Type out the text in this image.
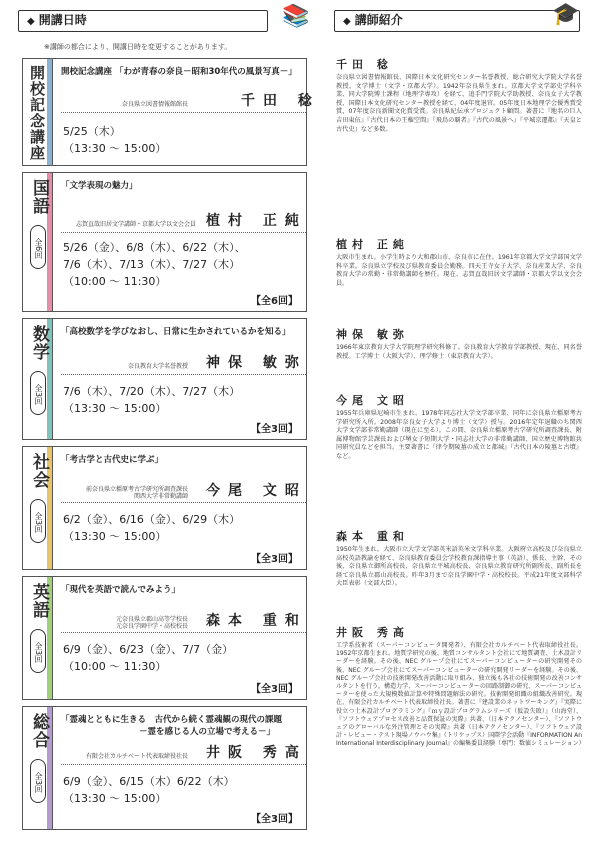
◆ 開講日時	◆ 講師紹介
📚	🎓
※講師の都合により、開講日時を変更することがあります。
開校記念講座 開校記念講座 「わが青春の奈良－昭和30年代の風景写真－」
奈良県立図書情報館館長	千田 稔
5/25（木）
（13:30 ～ 15:00）
国語
全6回
「文学表現の魅力」
志賀直哉旧居文学講師・京都大学以文会会員 植村 正純
5/26（金）、6/8（木）、6/22（木）、
7/6（木）、7/13（木）、7/27（木）
（10:00 ～ 11:30）
【全6回】
数学
全3回
「高校数学を学びなおし、日常に生かされているかを知る」
奈良教育大学名誉教授 神保 敏弥
7/6（木）、7/20（木）、7/27（木）
（13:30 ～ 15:00）
【全3回】
社会
全3回
「考古学と古代史に学ぶ」
前奈良県立橿原考古学研究所調査課長
関西大学非常勤講師 今尾 文昭
6/2（金）、6/16（金）、6/29（木）
（13:30 ～ 15:00）
【全3回】
英語
全3回
「現代を英語で読んでみよう」
元奈良県立郡山高等学校長
元奈良学園中学・高校校長 森本 重和
6/9（金）、6/23（金）、7/7（金）
（10:00 ～ 11:30）
【全3回】
総合
全3回
「霊魂とともに生きる　古代から続く霊魂観の現代の課題
－霊を感じる人の立場で考える－」
有限会社カルチベート代表取締役社長 井阪 秀高
6/9（金）、6/15（木）6/22（木）
（13:30 ～ 15:00）
【全3回】
千田 稔
奈良県立図書情報館長、国際日本文化研究センター名誉教授、総合研究大学院大学名誉教授。文学博士（文学・京都大学）。1942年奈良県生まれ。京都大学文学部史学科卒業、同大学院博士課程（地理学専攻）を経て、追手門学院大学助教授、奈良女子大学教授、国際日本文化研究センター教授を経て、04年度退官。05年度日本地理学会優秀賞受賞、07年度奈良新聞文化賞受賞。奈良県紀伝承プロジェクト顧問。著書に『地名の巨人 吉田東伍』『古代日本の王権空間』『飛鳥の覇者』『古代の風景へ』『平城京遷都』『天皇と古代史』など多数。
植村 正純
大阪市生まれ。小学生時より大和郡山市、奈良市に在住。1961年京都大学文学部国文学科卒業。奈良県立学校及び県教育委員会勤務。四天王寺女子大学、奈良産業大学、奈良教育大学の常勤・非常勤講師を歴任。現在、志賀直哉旧居文学講師・京都大学以文会会員。
神保 敏弥
1966年東京教育大学大学院理学研究科修了。奈良教育大学教育学部教授、現在、同名誉教授。工学博士（大阪大学）、理学修士（東京教育大学）。
今尾 文昭
1955年兵庫県尼崎市生まれ。1978年同志社大学文学部卒業、同年に奈良県立橿原考古学研究所入所。2008年奈良女子大学より博士（文学）授与。2016年定年退職のち関西大学文学部非常勤講師（現在に至る）。この間、奈良県立橿原考古学研究所調査課長、附属博物館学芸課長および堺女子短期大学・同志社大学の非常勤講師、国立歴史博物館共同研究員などを担当。主要著書に『律令期陵墓の成立と都城』『古代日本の陵墓と古墳』など。
森本 重和
1950年生まれ。大阪市立大学文学部英米語英米文学科卒業。大阪府立高校及び奈良県立高校英語教諭を経て、奈良県教育委員会学校教育課指導主事（英語）、係長、主幹、その後、奈良県立御所高校長、奈良県立平城高校長、奈良県立教育研究所副所長、副所長を経て奈良県立郡山高校長。昨年3月まで奈良学園中学・高校校長。平成21年度文部科学大臣表彰（文部大臣）。
井阪 秀高
工学系技術者（スーパーコンピュータ開発者）、有限会社カルチベート代表取締役社長。1952年京都生まれ。地質学研究の後、地質コンサルタント会社にて地質調査、土木設計リーダーを経験。その後、NEC グループ会社にてスーパーコンピューターの研究開発その後、NEC グループ会社にてスーパーコンピューターの研究開発リーダーを経験。その後、NEC グループ会社の技術開発改善活動に取り組み、独立後も各社の技術開発の改善コンサルタントを行う。構造力学、スーパーコンピューターの回路制御の研究、スーパーコンピューターを使った大規模数値計算や特殊問題解法の研究。技術開発組織の組織改善研究。現在、有限会社カルチベート代表取締役社長。著書に『建設業のネットワーキング』『実際に役立つ土木設計プログラミング』『ｍｙ設計プログラムシリーズ（仮設失敗）』（山海堂）、『ソフトウェアプロセス改善と品質保証の実際』共著、（日本テクノセンター）、『ソフトウェアのグローバルな外注管理とその実際』共著（日本テクノセンター）、『ソフトウェア設計・レビュー・テスト現場ノウハウ集』（トリケップス）国際学会活動『INFORMATION An International Interdisciplinary Journal』の編集委員経験（専門：数値シミュレーション）
